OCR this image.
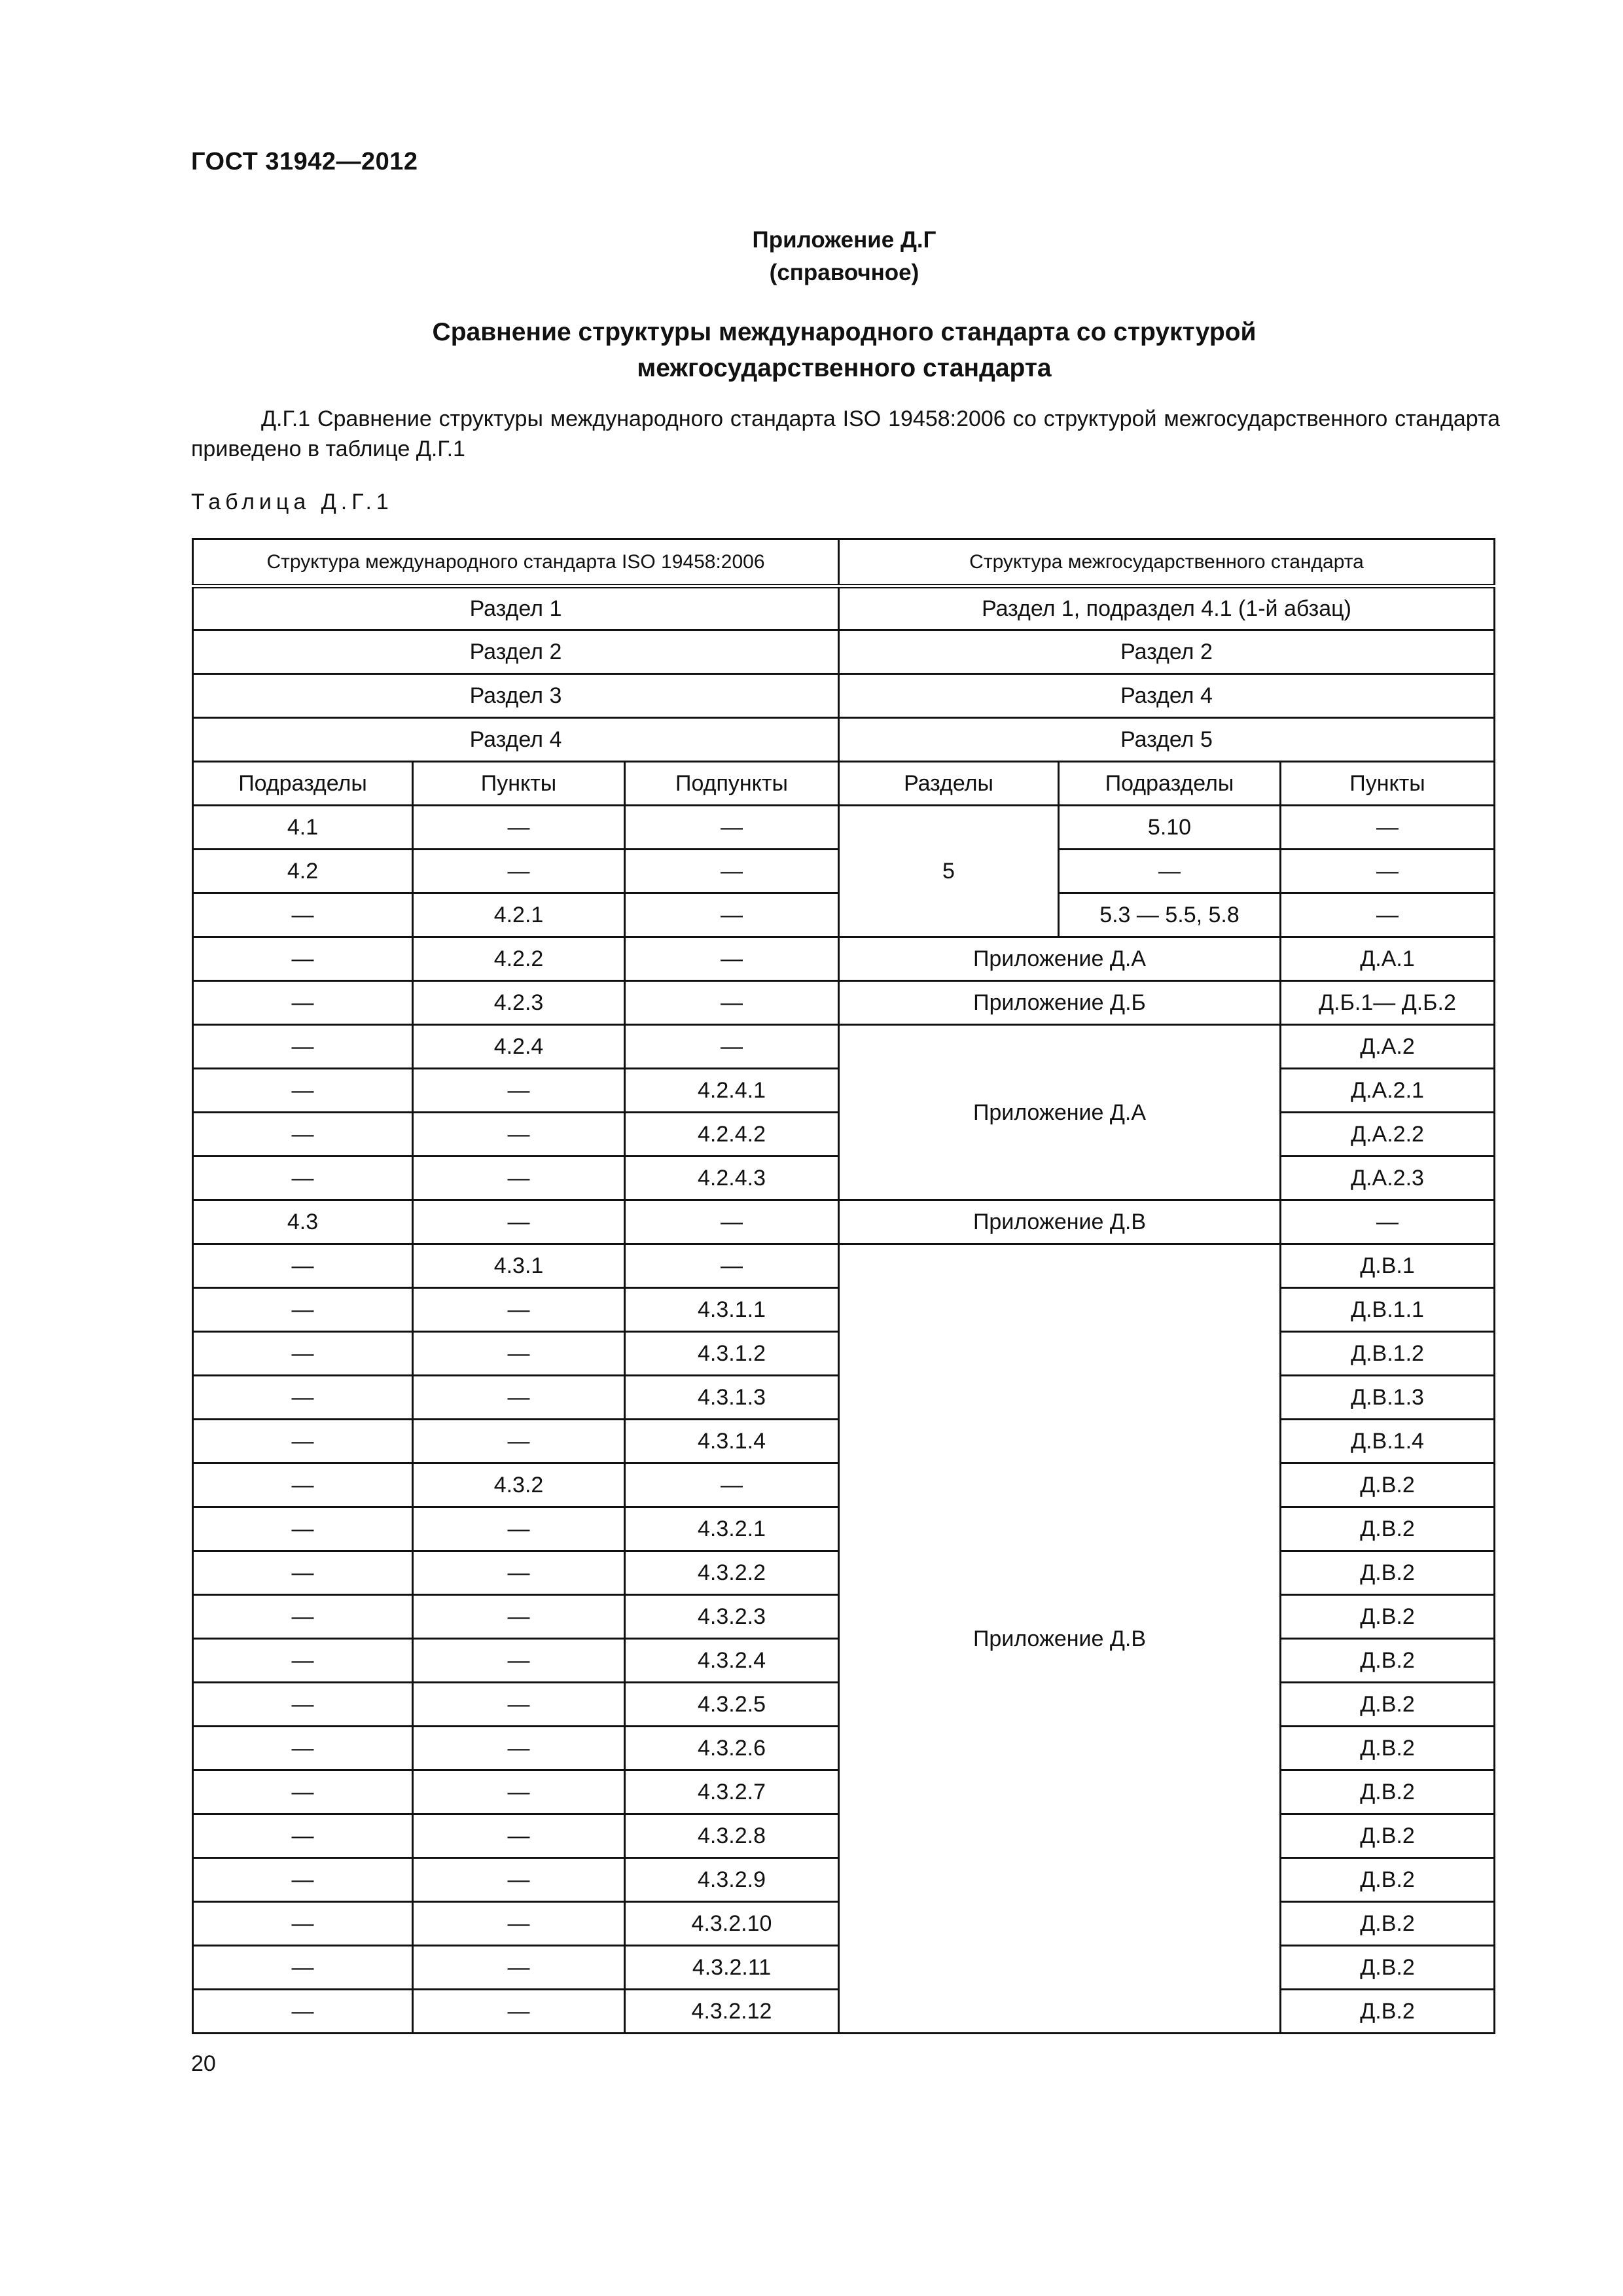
ГОСТ 31942—2012
Приложение Д.Г
(справочное)
Сравнение структуры международного стандарта со структурой
межгосударственного стандарта

Д.Г.1 Сравнение структуры международного стандарта ISO 19458:2006 со структурой межгосударственного стандарта приведено в таблице Д.Г.1

Таблица Д.Г.1
Структура международного стандарта ISO 19458:2006			Структура межгосударственного стандарта		
Раздел 1			Раздел 1, подраздел 4.1 (1-й абзац)		
Раздел 2			Раздел 2		
Раздел 3			Раздел 4		
Раздел 4			Раздел 5		
Подразделы	Пункты	Подпункты	Разделы	Подразделы	Пункты
4.1	—	—	5	5.10	—
4.2	—	—		—	—
—	4.2.1	—		5.3 — 5.5, 5.8	—
—	4.2.2	—	Приложение Д.А		Д.А.1
—	4.2.3	—	Приложение Д.Б		Д.Б.1— Д.Б.2
—	4.2.4	—	Приложение Д.А		Д.А.2
—	—	4.2.4.1			Д.А.2.1
—	—	4.2.4.2			Д.А.2.2
—	—	4.2.4.3			Д.А.2.3
4.3	—	—	Приложение Д.В		—
—	4.3.1	—	Приложение Д.В		Д.В.1
—	—	4.3.1.1			Д.В.1.1
—	—	4.3.1.2			Д.В.1.2
—	—	4.3.1.3			Д.В.1.3
—	—	4.3.1.4			Д.В.1.4
—	4.3.2	—			Д.В.2
—	—	4.3.2.1			Д.В.2
—	—	4.3.2.2			Д.В.2
—	—	4.3.2.3			Д.В.2
—	—	4.3.2.4			Д.В.2
—	—	4.3.2.5			Д.В.2
—	—	4.3.2.6			Д.В.2
—	—	4.3.2.7			Д.В.2
—	—	4.3.2.8			Д.В.2
—	—	4.3.2.9			Д.В.2
—	—	4.3.2.10			Д.В.2
—	—	4.3.2.11			Д.В.2
—	—	4.3.2.12			Д.В.2
20
